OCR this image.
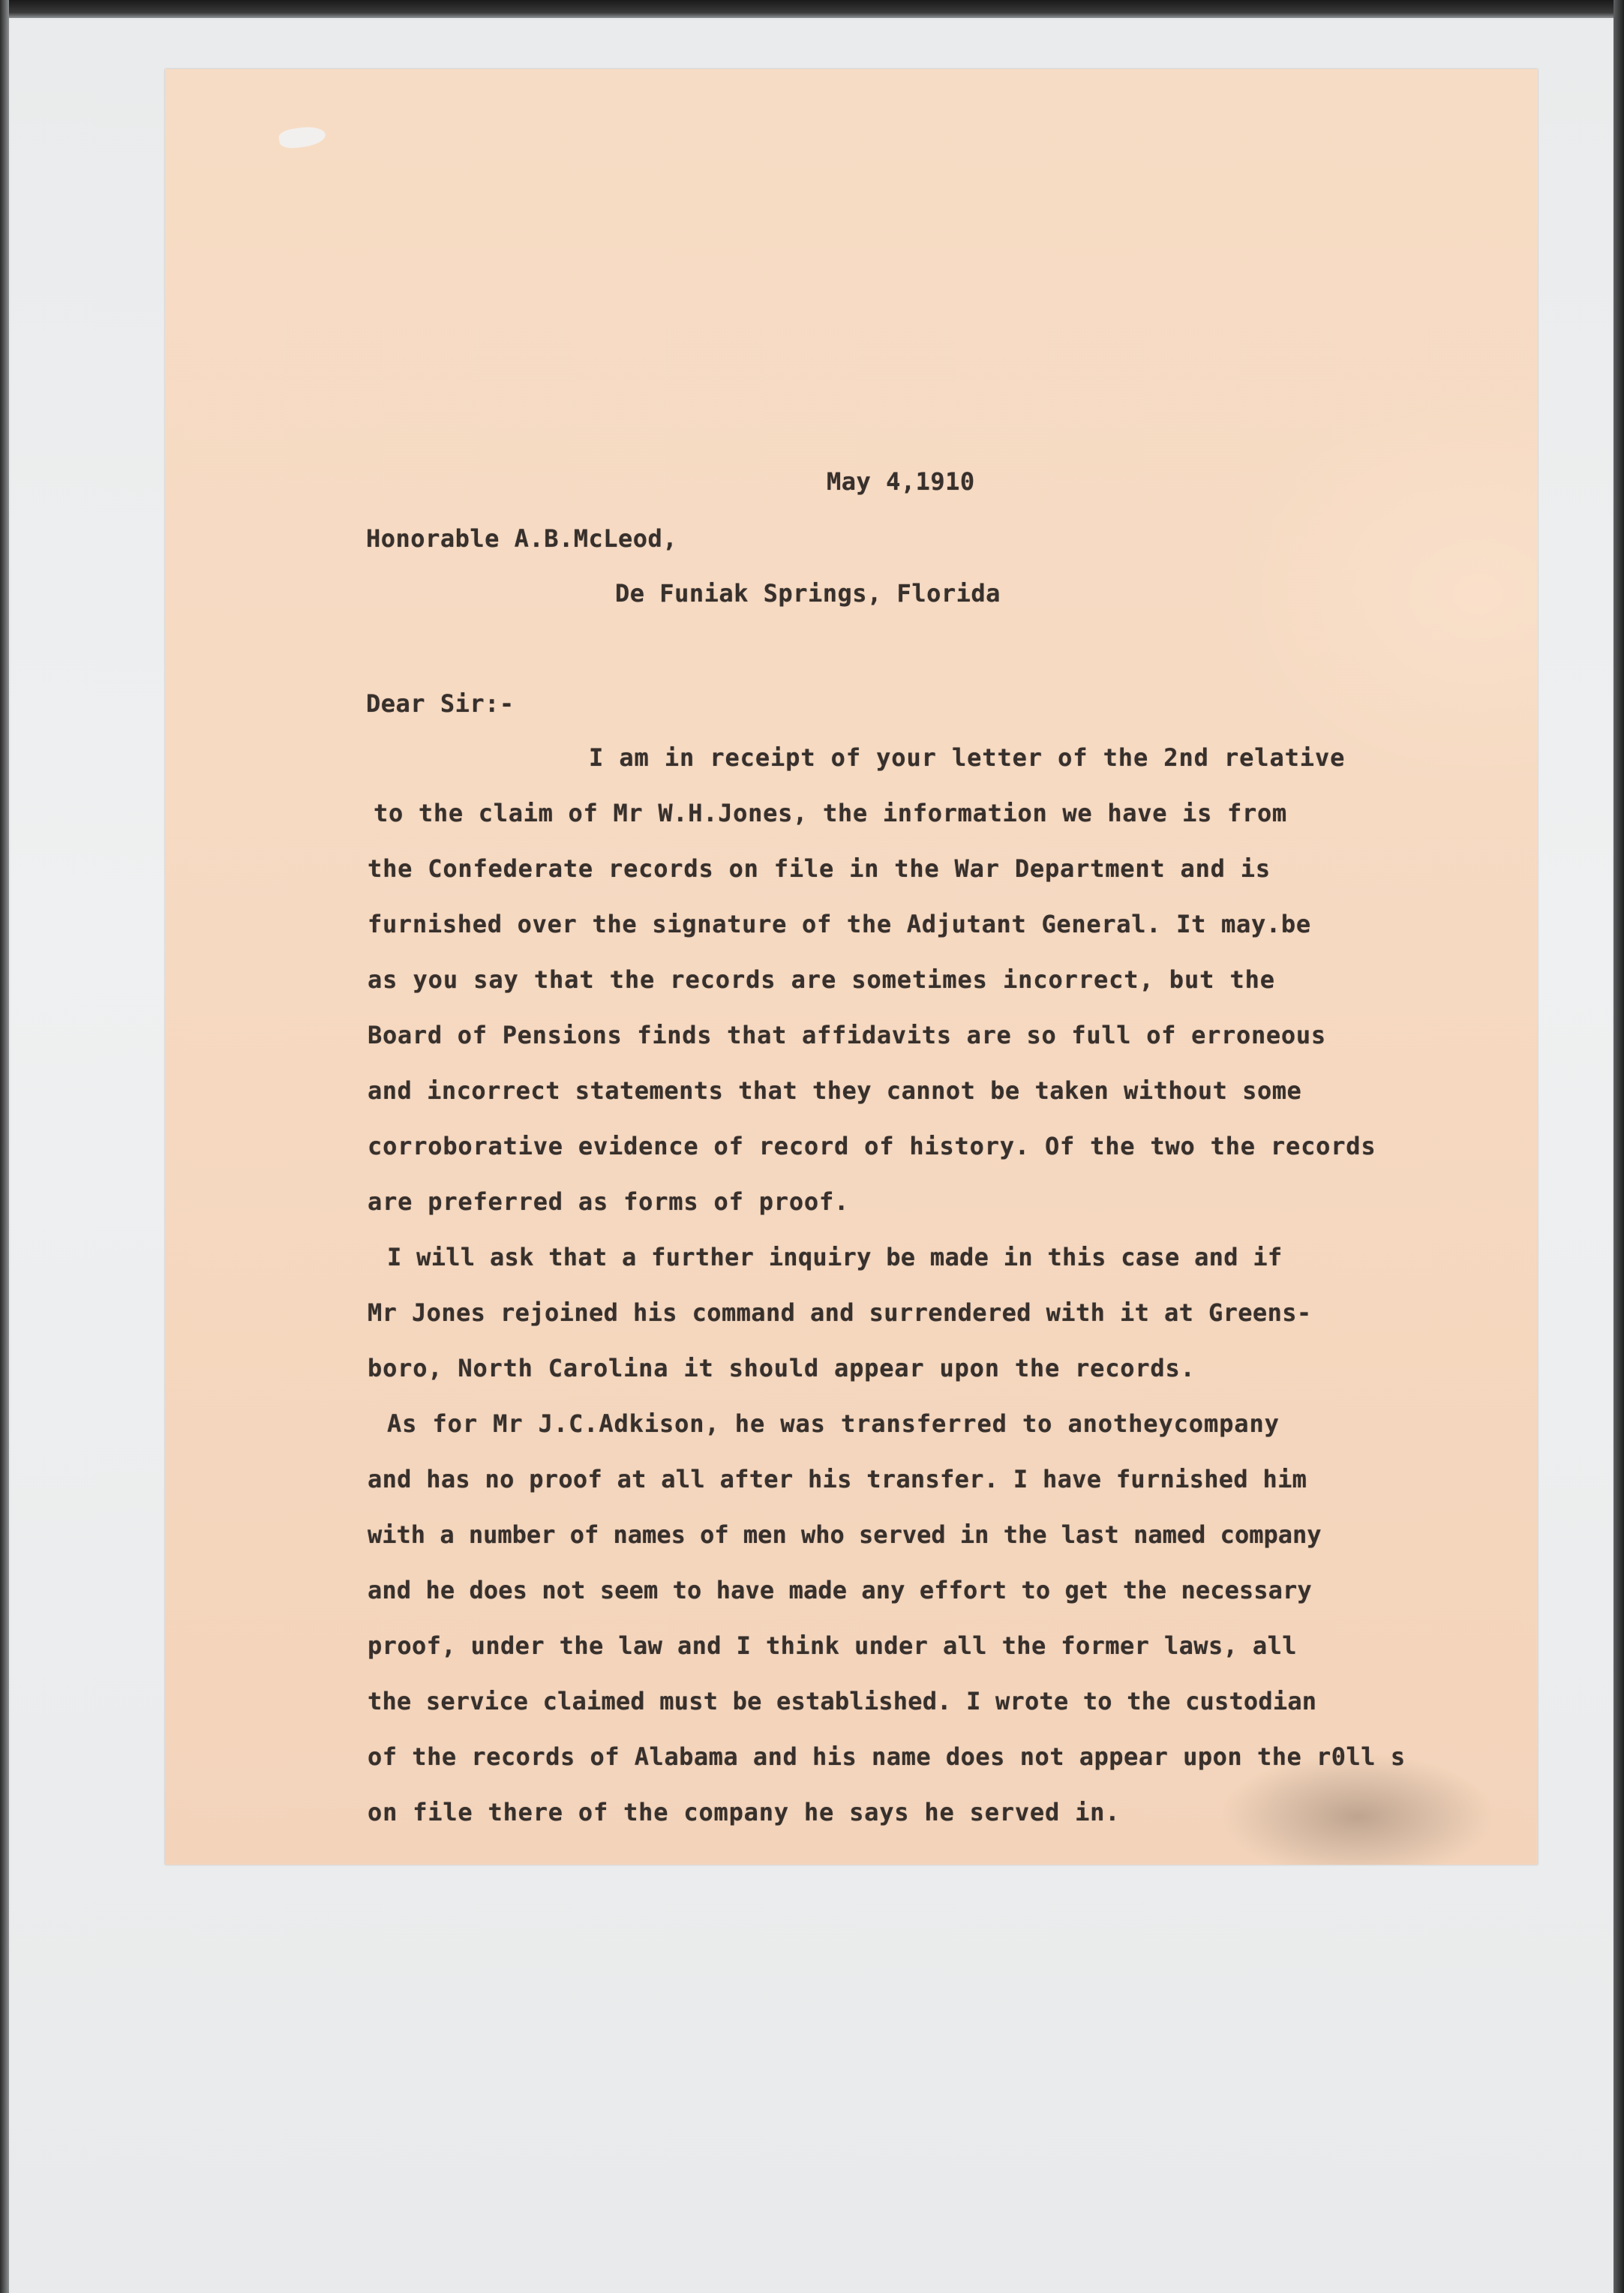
May 4,1910

Honorable A.B.McLeod,

De Funiak Springs, Florida

Dear Sir:-

I am in receipt of your letter of the 2nd relative
to the claim of Mr W.H.Jones, the information we have is from
the Confederate records on file in the War Department and is
furnished over the signature of the Adjutant General. It may.be
as you say that the records are sometimes incorrect, but the
Board of Pensions finds that affidavits are so full of erroneous
and incorrect statements that they cannot be taken without some
corroborative evidence of record of history. Of the two the records
are preferred as forms of proof.
I will ask that a further inquiry be made in this case and if
Mr Jones rejoined his command and surrendered with it at Greens-
boro, North Carolina it should appear upon the records.
As for Mr J.C.Adkison, he was transferred to anotheycompany
and has no proof at all after his transfer. I have furnished him
with a number of names of men who served in the last named company
and he does not seem to have made any effort to get the necessary
proof, under the law and I think under all the former laws, all
the service claimed must be established. I wrote to the custodian
of the records of Alabama and his name does not appear upon the r0ll s
on file there of the company he says he served in.
